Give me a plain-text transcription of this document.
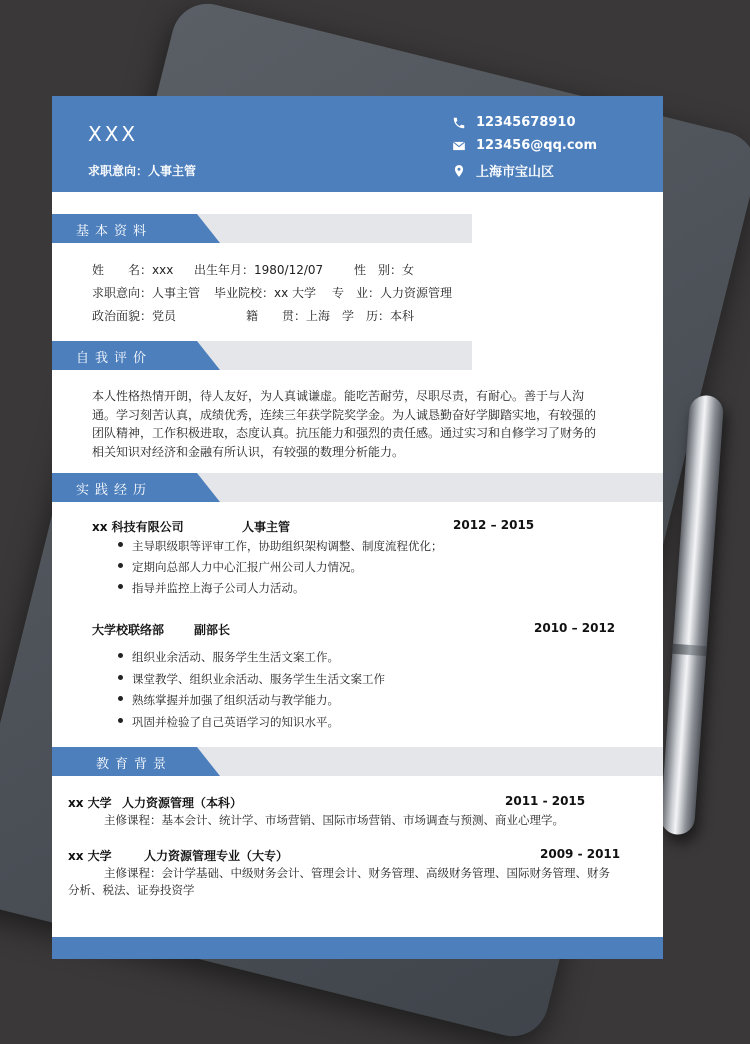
XXX
求职意向：人事主管
12345678910
12345​6@qq.com
上海市宝山区
基本资料
姓　　名：xxx 出生年月：1980/12/07	性　别：女
求职意向：人事主管 毕业院校：xx 大学 专　业：人力资源管理
政治面貌：党员	籍　　贯：上海 学　历：本科
自我评价
本人性格热情开朗，待人友好，为人真诚谦虚。能吃苦耐劳，尽职尽责，有耐心。善于与人沟
通。学习刻苦认真，成绩优秀，连续三年获学院奖学金。为人诚恳勤奋好学脚踏实地，有较强的
团队精神，工作积极进取，态度认真。抗压能力和强烈的责任感。通过实习和自修学习了财务的
相关知识对经济和金融有所认识，有较强的数理分析能力。
实践经历
xx 科技有限公司	人事主管	2012 – 2015
主导职级职等评审工作，协助组织架构调整、制度流程优化；
定期向总部人力中心汇报广州公司人力情况。
指导并监控上海子公司人力活动。
大学校联络部 副部长	2010 – 2012
组织业余活动、服务学生生活文案工作。
课堂教学、组织业余活动、服务学生生活文案工作
熟练掌握并加强了组织活动与教学能力。
巩固并检验了自己英语学习的知识水平。
教育背景
xx 大学 人力资源管理（本科）	2011 - 2015
主修课程：基本会计、统计学、市场营销、国际市场营销、市场调查与预测、商业心理学。
xx 大学	人力资源管理专业（大专）	2009 - 2011
主修课程：会计学基础、中级财务会计、管理会计、财务管理、高级财务管理、国际财务管理、财务
分析、税法、证券投资学
